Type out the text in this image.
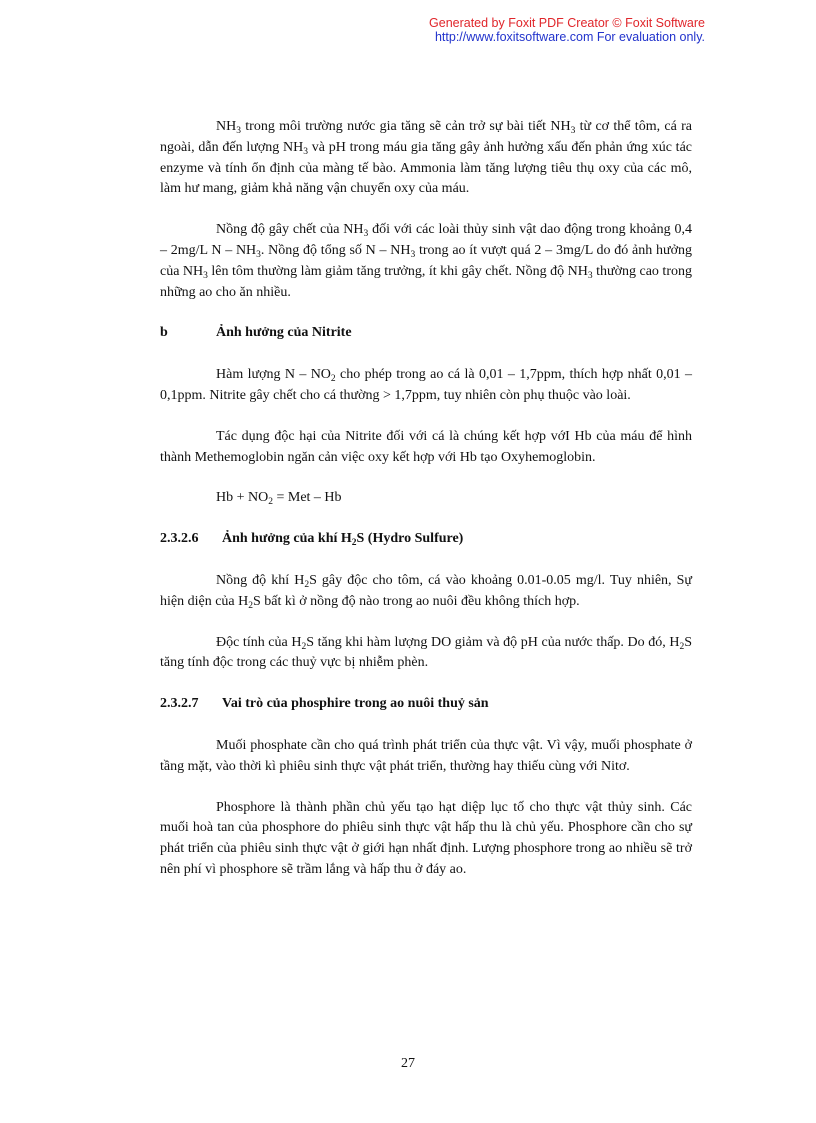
Generated by Foxit PDF Creator © Foxit Software
http://www.foxitsoftware.com For evaluation only.

$NH_3$ trong môi trường nước gia tăng sẽ cản trở sự bài tiết $NH_3$ từ cơ thể tôm, cá ra ngoài, dẫn đến lượng $NH_3$ và pH trong máu gia tăng gây ảnh hưởng xấu đến phản ứng xúc tác enzyme và tính ổn định của màng tế bào. Ammonia làm tăng lượng tiêu thụ oxy của các mô, làm hư mang, giảm khả năng vận chuyển oxy của máu.

Nồng độ gây chết của $NH_3$ đối với các loài thủy sinh vật dao động trong khoảng 0,4 – 2mg/L N – $NH_3$. Nồng độ tổng số N – $NH_3$ trong ao ít vượt quá 2 – 3mg/L do đó ảnh hưởng của $NH_3$ lên tôm thường làm giảm tăng trưởng, ít khi gây chết. Nồng độ $NH_3$ thường cao trong những ao cho ăn nhiều.

b	Ảnh hưởng của Nitrite

Hàm lượng N – $NO_2$ cho phép trong ao cá là 0,01 – 1,7ppm, thích hợp nhất 0,01 – 0,1ppm. Nitrite gây chết cho cá thường > 1,7ppm, tuy nhiên còn phụ thuộc vào loài.

Tác dụng độc hại của Nitrite đối với cá là chúng kết hợp vớI Hb của máu để hình thành Methemoglobin ngăn cản việc oxy kết hợp với Hb tạo Oxyhemoglobin.

$Hb + NO_2$ = Met – Hb

2.3.2.6	Ảnh hưởng của khí $H_2S$ (Hydro Sulfure)

Nồng độ khí $H_2S$ gây độc cho tôm, cá vào khoảng 0.01-0.05 mg/l. Tuy nhiên, Sự hiện diện của $H_2S$ bất kì ở nồng độ nào trong ao nuôi đều không thích hợp.

Độc tính của $H_2S$ tăng khi hàm lượng DO giảm và độ pH của nước thấp. Do đó, $H_2S$ tăng tính độc trong các thuỷ vực bị nhiễm phèn.

2.3.2.7	Vai trò của phosphire trong ao nuôi thuỷ sản

Muối phosphate cần cho quá trình phát triển của thực vật. Vì vậy, muối phosphate ở tầng mặt, vào thời kì phiêu sinh thực vật phát triển, thường hay thiếu cùng với Nitơ.

Phosphore là thành phần chủ yếu tạo hạt diệp lục tố cho thực vật thủy sinh. Các muối hoà tan của phosphore do phiêu sinh thực vật hấp thu là chủ yếu. Phosphore cần cho sự phát triển của phiêu sinh thực vật ở giới hạn nhất định. Lượng phosphore trong ao nhiều sẽ trở nên phí vì phosphore sẽ trầm lắng và hấp thu ở đáy ao.

27
